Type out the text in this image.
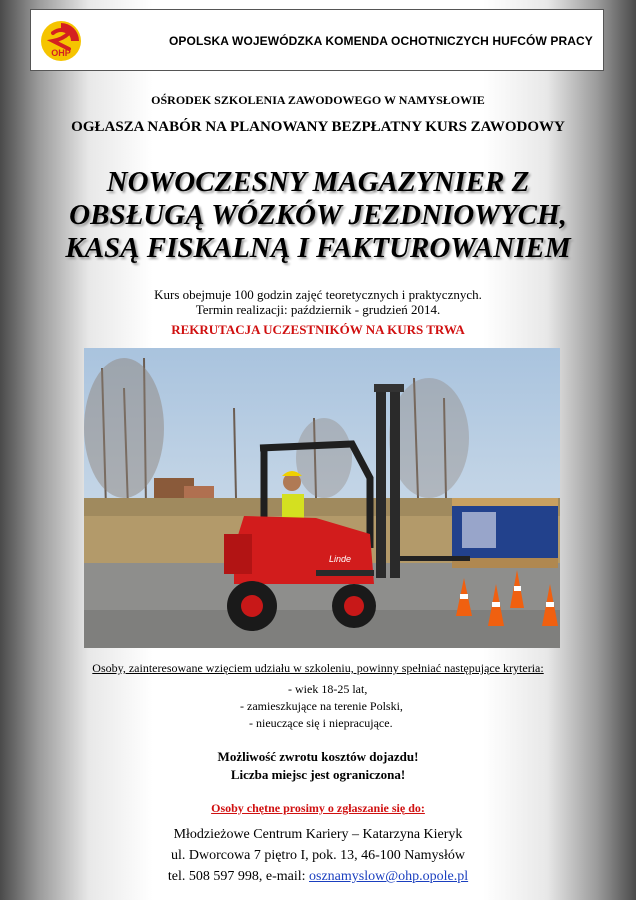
OHP
OPOLSKA WOJEWÓDZKA KOMENDA OCHOTNICZYCH HUFCÓW PRACY
OŚRODEK SZKOLENIA ZAWODOWEGO W NAMYSŁOWIE
OGŁASZA NABÓR NA PLANOWANY BEZPŁATNY KURS ZAWODOWY
NOWOCZESNY MAGAZYNIER Z
OBSŁUGĄ WÓZKÓW JEZDNIOWYCH,
KASĄ FISKALNĄ I FAKTUROWANIEM
Kurs obejmuje 100 godzin zajęć teoretycznych i praktycznych.
Termin realizacji: październik - grudzień 2014.
REKRUTACJA UCZESTNIKÓW NA KURS TRWA
Linde
Osoby, zainteresowane wzięciem udziału w szkoleniu, powinny spełniać następujące kryteria:
- wiek 18-25 lat,
- zamieszkujące na terenie Polski,
- nieuczące się i niepracujące.
Możliwość zwrotu kosztów dojazdu!
Liczba miejsc jest ograniczona!
Osoby chętne prosimy o zgłaszanie się do:
Młodzieżowe Centrum Kariery – Katarzyna Kieryk
ul. Dworcowa 7 piętro I, pok. 13, 46-100 Namysłów
tel. 508 597 998, e-mail: osznamyslow@ohp.opole.pl
